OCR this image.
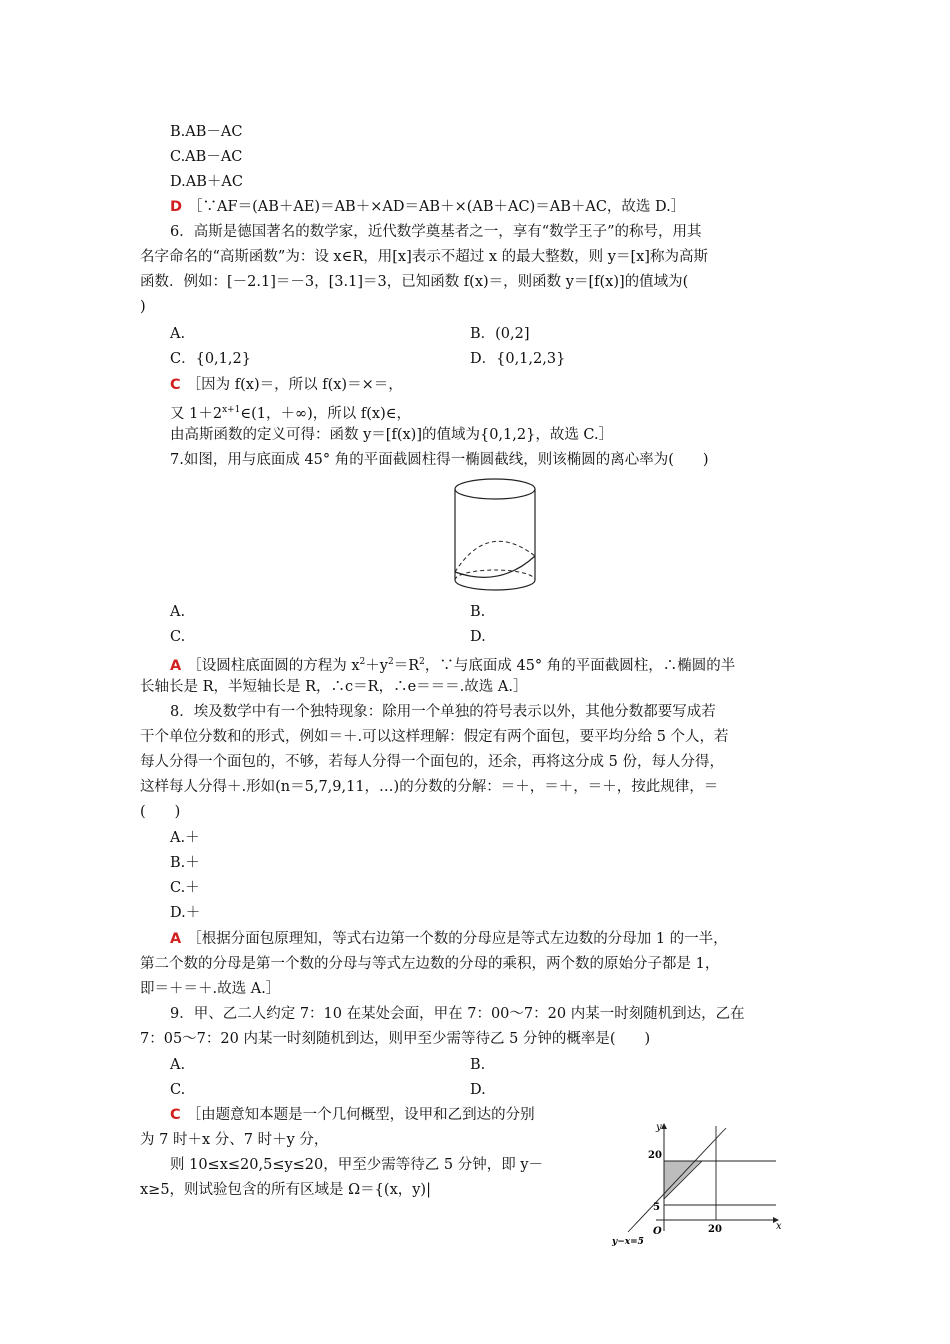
B.AB－AC
C.AB－AC
D.AB＋AC
D ［∵AF＝(AB＋AE)＝AB＋×AD＝AB＋×(AB＋AC)＝AB＋AC，故选 D.］
6．高斯是德国著名的数学家，近代数学奠基者之一，享有“数学王子”的称号，用其
名字命名的“高斯函数”为：设 x∈R，用[x]表示不超过 x 的最大整数，则 y＝[x]称为高斯
函数．例如：[－2.1]＝－3，[3.1]＝3，已知函数 f(x)＝，则函数 y＝[f(x)]的值域为(
)
A.	B．(0,2]
C．{0,1,2}	D．{0,1,2,3}
C ［因为 f(x)＝，所以 f(x)＝×＝，
又 $1+2^{x+1}\in(1$，＋∞)，所以 f(x)∈，
由高斯函数的定义可得：函数 y＝[f(x)]的值域为{0,1,2}，故选 C.］
7.如图，用与底面成 45° 角的平面截圆柱得一椭圆截线，则该椭圆的离心率为(　　)
A.	B.
C.	D.
A ［设圆柱底面圆的方程为 $x^2+y^2=R^2$，∵与底面成 45° 角的平面截圆柱，∴椭圆的半
长轴长是 R，半短轴长是 R，∴c＝R，∴e＝＝＝.故选 A.］
8．埃及数学中有一个独特现象：除用一个单独的符号表示以外，其他分数都要写成若
干个单位分数和的形式，例如＝＋.可以这样理解：假定有两个面包，要平均分给 5 个人，若
每人分得一个面包的，不够，若每人分得一个面包的，还余，再将这分成 5 份，每人分得，
这样每人分得＋.形如(n＝5,7,9,11，…)的分数的分解：＝＋，＝＋，＝＋，按此规律，＝
(　　)
A.＋
B.＋
C.＋
D.＋
A ［根据分面包原理知，等式右边第一个数的分母应是等式左边数的分母加 1 的一半，
第二个数的分母是第一个数的分母与等式左边数的分母的乘积，两个数的原始分子都是 1，
即＝＋＝＋.故选 A.］
9．甲、乙二人约定 7：10 在某处会面，甲在 7：00～7：20 内某一时刻随机到达，乙在
7：05～7：20 内某一时刻随机到达，则甲至少需等待乙 5 分钟的概率是(　　)
A.	B.
C.	D.
C ［由题意知本题是一个几何概型，设甲和乙到达的分别
为 7 时＋x 分、7 时＋y 分，
则 10≤x≤20,5≤y≤20，甲至少需等待乙 5 分钟，即 y－
x≥5，则试验包含的所有区域是 Ω＝{(x，y)|
y
x
20
5
O	20
y−x=5
